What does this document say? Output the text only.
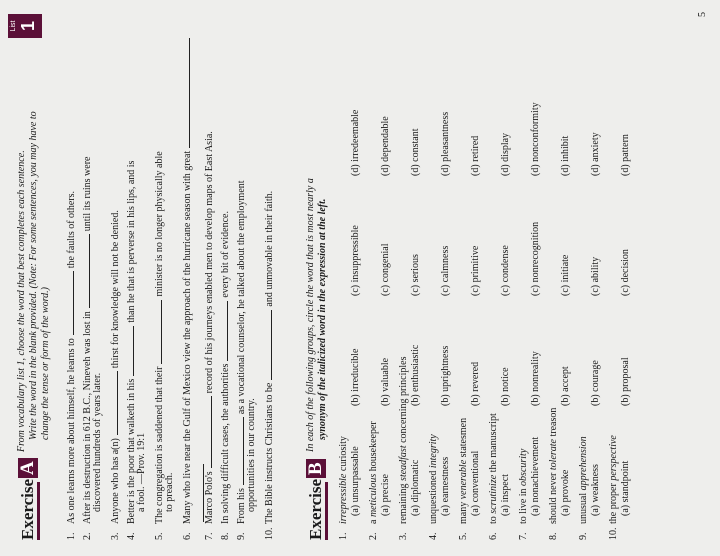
List 1
ExerciseA
From vocabulary list 1, choose the word that best completes each sentence. Write the word in the blank provided. (Note: For some sentences, you may have to change the tense or form of the word.)
1.As one learns more about himself, he learns tothe faults of others.
2.After its destruction in 612 B.C., Nineveh was lost inuntil its ruins were
discovered hundreds of years later.
3.Anyone who has a(n)thirst for knowledge will not be denied.
4.Better is the poor that walketh in histhan he that is perverse in his lips, and is
a fool. —Prov. 19:1
5.The congregation is saddened that theirminister is no longer physically able
to preach.
6.Many who live near the Gulf of Mexico view the approach of the hurricane season with great
7.Marco Polo'srecord of his journeys enabled men to develop maps of East Asia.
8.In solving difficult cases, the authoritiesevery bit of evidence.
9.From hisas a vocational counselor, he talked about the employment
opportunities in our country.
10.The Bible instructs Christians to beand unmovable in their faith.
ExerciseB
In each of the following groups, circle the word that is most nearly a synonym of the italicized word in the expression at the left.
1.irrepressible curiosity (a) unsurpassable
(b) irreducible
(c) insuppressible
(d) irredeemable
2.a meticulous housekeeper
(a) precise
(b) valuable
(c) congenial
(d) dependable
3.remaining steadfast concerning principles
(a) diplomatic
(b) enthusiastic
(c) serious
(d) constant
4.unquestioned integrity
(a) earnestness
(b) uprightness
(c) calmness
(d) pleasantness
5.many venerable statesmen
(a) conventional
(b) revered
(c) primitive
(d) retired
6.to scrutinize the manuscript
(a) inspect
(b) notice
(c) condense
(d) display
7.to live in obscurity (a) nonachievement
(b) nonreality
(c) nonrecognition
(d) nonconformity
8.should never tolerate treason
(a) provoke
(b) accept
(c) initiate
(d) inhibit
9.unusual apprehension (a) weakness
(b) courage
(c) ability
(d) anxiety
10.the proper perspective
(a) standpoint
(b) proposal
(c) decision
(d) pattern
5
